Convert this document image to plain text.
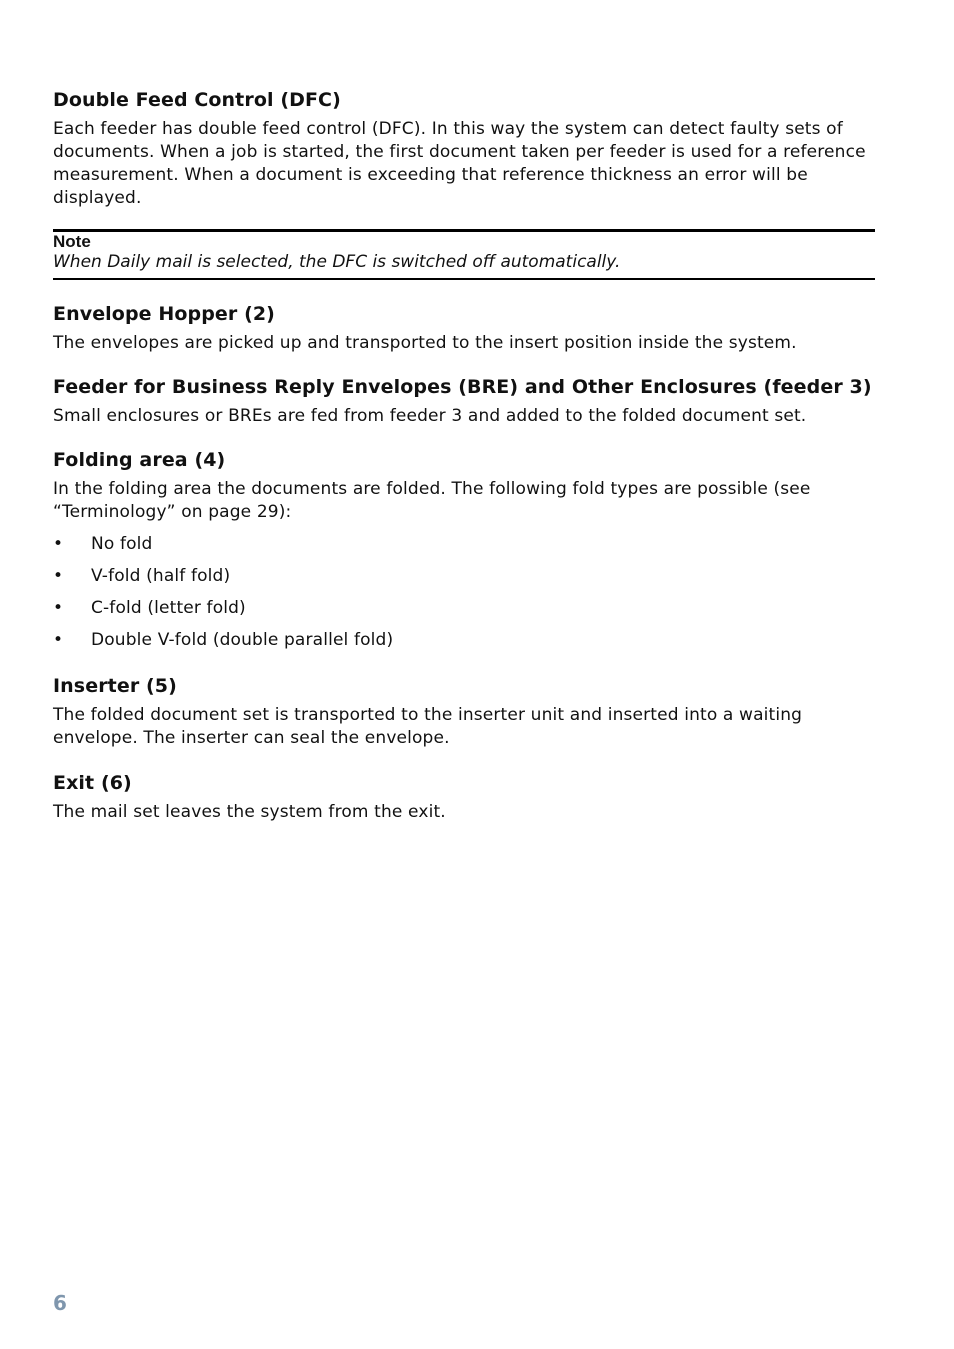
Double Feed Control (DFC)

Each feeder has double feed control (DFC). In this way the system can detect faulty sets of documents. When a job is started, the first document taken per feeder is used for a reference measurement. When a document is exceeding that reference thickness an error will be displayed.

Note
When Daily mail is selected, the DFC is switched off automatically.
Envelope Hopper (2)

The envelopes are picked up and transported to the insert position inside the system.

Feeder for Business Reply Envelopes (BRE) and Other Enclosures (feeder 3)

Small enclosures or BREs are fed from feeder 3 and added to the folded document set.

Folding area (4)

In the folding area the documents are folded. The following fold types are possible (see “Terminology” on page 29):

• No fold
• V-fold (half fold)
• C-fold (letter fold)
• Double V-fold (double parallel fold)
Inserter (5)

The folded document set is transported to the inserter unit and inserted into a waiting envelope. The inserter can seal the envelope.

Exit (6)

The mail set leaves the system from the exit.

6
